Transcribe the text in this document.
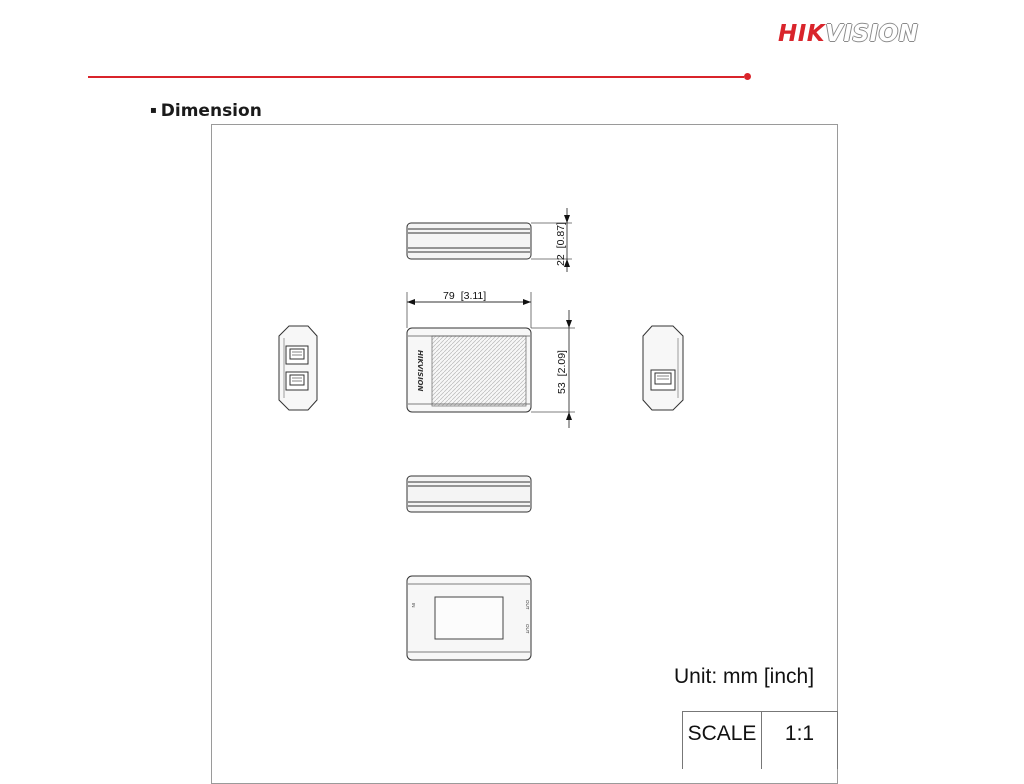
HIKVISION
▪ Dimension
22[0.87]
79 [3.11]
HIKVISION	53[2.09]
IN	OUT
OUT
Unit: mm [inch]
SCALE	1:1
